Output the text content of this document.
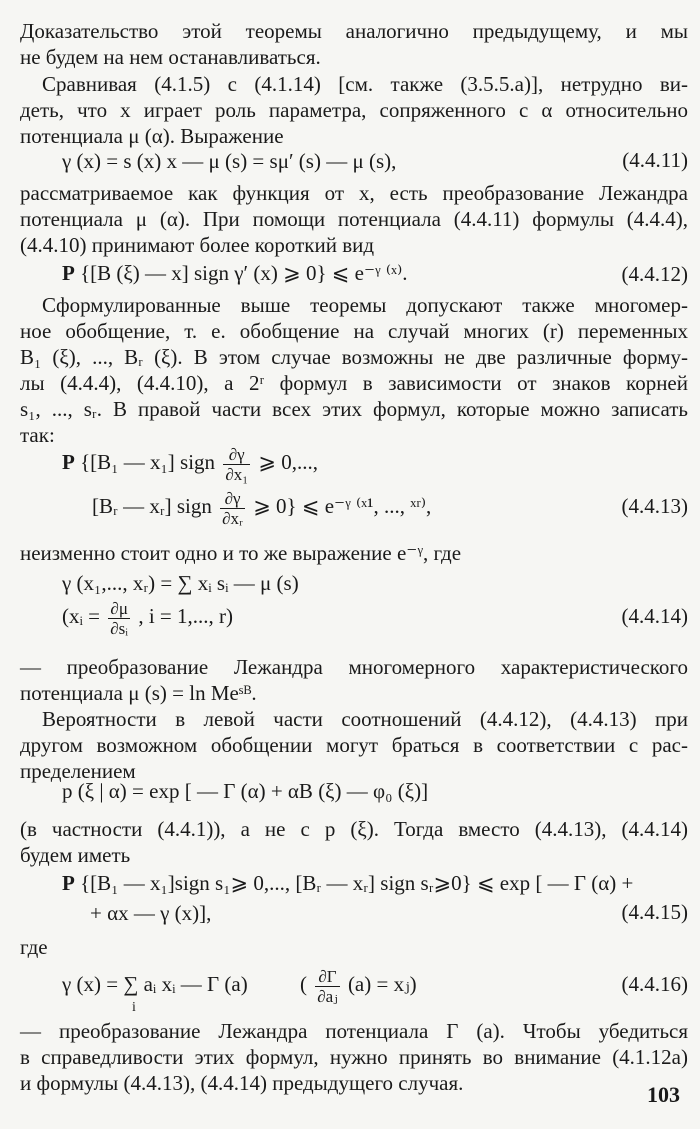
Доказательство этой теоремы аналогично предыдущему, и мы
не будем на нем останавливаться.
Сравнивая (4.1.5) с (4.1.14) [см. также (3.5.5.а)], нетрудно ви-
деть, что x играет роль параметра, сопряженного с α относительно
потенциала μ (α). Выражение
γ (x) = s (x) x — μ (s) = sμ′ (s) — μ (s),	(4.4.11)
рассматриваемое как функция от x, есть преобразование Лежандра
потенциала μ (α). При помощи потенциала (4.4.11) формулы (4.4.4),
(4.4.10) принимают более короткий вид
P {[B (ξ) — x] sign γ′ (x) ⩾ 0} ⩽ e⁻ᵞ ⁽ˣ⁾.	(4.4.12)
Сформулированные выше теоремы допускают также многомер-
ное обобщение, т. е. обобщение на случай многих (r) переменных
B₁ (ξ), ..., Bᵣ (ξ). В этом случае возможны не две различные форму-
лы (4.4.4), (4.4.10), а 2ʳ формул в зависимости от знаков корней
s₁, ..., sᵣ. В правой части всех этих формул, которые можно записать
так:
P {[B₁ — x₁] sign $\frac{\partial\gamma}{\text{∂x₁}}$ ⩾ 0,...,
[Bᵣ — xᵣ] sign $\frac{\partial\gamma}{\text{∂xᵣ}}$ ⩾ 0} ⩽ e⁻ᵞ ⁽ˣ¹, ..., ˣʳ⁾,	(4.4.13)
неизменно стоит одно и то же выражение e⁻ᵞ, где
γ (x₁,..., xᵣ) = ∑ xᵢ sᵢ — μ (s)
(xᵢ = $\frac{\partial\mu}{\text{∂sᵢ}}$ , i = 1,..., r)	(4.4.14)
— преобразование Лежандра многомерного характеристического
потенциала μ (s) = ln Meˢᴮ.
Вероятности в левой части соотношений (4.4.12), (4.4.13) при
другом возможном обобщении могут браться в соответствии с рас-
пределением
p (ξ | α) = exp [ — Γ (α) + αB (ξ) — φ₀ (ξ)]
(в частности (4.4.1)), а не с p (ξ). Тогда вместо (4.4.13), (4.4.14)
будем иметь
P {[B₁ — x₁]sign s₁⩾ 0,..., [Bᵣ — xᵣ] sign sᵣ⩾0} ⩽ exp [ — Γ (α) +
+ αx — γ (x)],	(4.4.15)
где
γ (x) = ∑ aᵢ xᵢ — Γ (a)
i
( $\frac{\partial\Gamma}{\text{∂aⱼ}} (a)$ = xⱼ)	(4.4.16)
— преобразование Лежандра потенциала Γ (a). Чтобы убедиться
в справедливости этих формул, нужно принять во внимание (4.1.12а)
и формулы (4.4.13), (4.4.14) предыдущего случая.	103
